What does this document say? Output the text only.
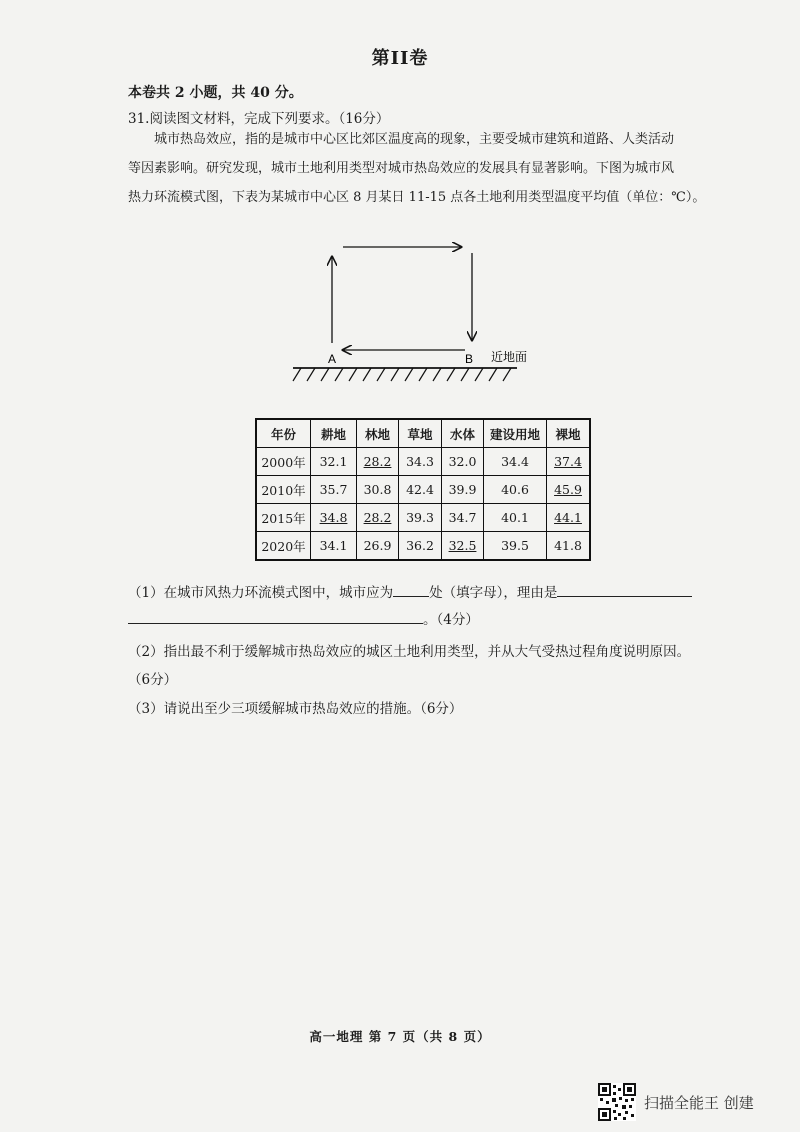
第II卷
本卷共 2 小题，共 40 分。
31.阅读图文材料，完成下列要求。（16分）

城市热岛效应，指的是城市中心区比郊区温度高的现象，主要受城市建筑和道路、人类活动

等因素影响。研究发现，城市土地利用类型对城市热岛效应的发展具有显著影响。下图为城市风

热力环流模式图，下表为某城市中心区 8 月某日 11-15 点各土地利用类型温度平均值（单位：℃）。

A	B 近地面
年份	耕地	林地	草地	水体	建设用地	裸地
2000年	32.1	28.2	34.3	32.0	34.4	37.4
2010年	35.7	30.8	42.4	39.9	40.6	45.9
2015年	34.8	28.2	39.3	34.7	40.1	44.1
2020年	34.1	26.9	36.2	32.5	39.5	41.8
（1）在城市风热力环流模式图中，城市应为	处（填字母），理由是
。（4分）
（2）指出最不利于缓解城市热岛效应的城区土地利用类型，并从大气受热过程角度说明原因。
（6分）
（3）请说出至少三项缓解城市热岛效应的措施。（6分）
高一地理 第 7 页（共 8 页）
扫描全能王 创建
